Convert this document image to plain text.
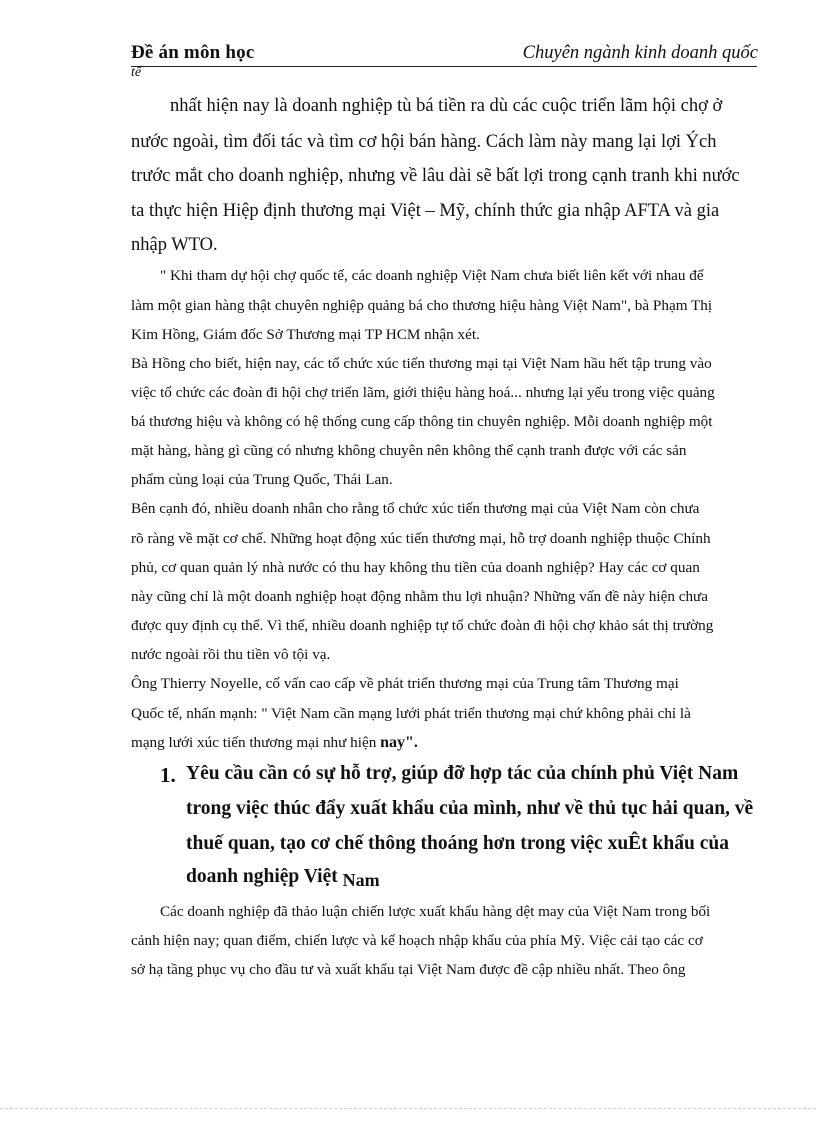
Đề án môn học	Chuyên ngành kinh doanh quốc
tế
nhất hiện nay là doanh nghiệp tù bá tiền ra dù các cuộc triển lãm hội chợ ở
nước ngoài, tìm đối tác và tìm cơ hội bán hàng. Cách làm này mang lại lợi Ých
trước mắt cho doanh nghiệp, nhưng về lâu dài sẽ bất lợi trong cạnh tranh khi nước
ta thực hiện Hiệp định thương mại Việt – Mỹ, chính thức gia nhập AFTA và gia
nhập WTO.
" Khi tham dự hội chợ quốc tế, các doanh nghiệp Việt Nam chưa biết liên kết với nhau để
làm một gian hàng thật chuyên nghiệp quảng bá cho thương hiệu hàng Việt Nam", bà Phạm Thị
Kim Hồng, Giám đốc Sở Thương mại TP HCM nhận xét.
Bà Hồng cho biết, hiện nay, các tổ chức xúc tiến thương mại tại Việt Nam hầu hết tập trung vào
việc tổ chức các đoàn đi hội chợ triển lãm, giới thiệu hàng hoá... nhưng lại yếu trong việc quảng
bá thương hiệu và không có hệ thống cung cấp thông tin chuyên nghiệp. Mỗi doanh nghiệp một
mặt hàng, hàng gì cũng có nhưng không chuyên nên không thể cạnh tranh được với các sản
phẩm cùng loại của Trung Quốc, Thái Lan.
Bên cạnh đó, nhiều doanh nhân cho rằng tổ chức xúc tiến thương mại của Việt Nam còn chưa
rõ ràng về mặt cơ chế. Những hoạt động xúc tiến thương mại, hỗ trợ doanh nghiệp thuộc Chính
phủ, cơ quan quản lý nhà nước có thu hay không thu tiền của doanh nghiệp? Hay các cơ quan
này cũng chỉ là một doanh nghiệp hoạt động nhằm thu lợi nhuận? Những vấn đề này hiện chưa
được quy định cụ thể. Vì thế, nhiều doanh nghiệp tự tổ chức đoàn đi hội chợ khảo sát thị trường
nước ngoài rồi thu tiền vô tội vạ.
Ông Thierry Noyelle, cố vấn cao cấp về phát triển thương mại của Trung tâm Thương mại
Quốc tế, nhấn mạnh: " Việt Nam cần mạng lưới phát triển thương mại chứ không phải chỉ là
mạng lưới xúc tiến thương mại như hiện nay".
1. Yêu cầu cần có sự hỗ trợ, giúp đỡ hợp tác của chính phủ Việt Nam
trong việc thúc đẩy xuất khẩu của mình, như về thủ tục hải quan, về
thuế quan, tạo cơ chế thông thoáng hơn trong việc xuÊt khẩu của
doanh nghiệp Việt Nam
Các doanh nghiệp đã thảo luận chiến lược xuất khẩu hàng dệt may của Việt Nam trong bối
cảnh hiện nay; quan điểm, chiến lược và kế hoạch nhập khẩu của phía Mỹ. Việc cải tạo các cơ
sở hạ tầng phục vụ cho đầu tư và xuất khẩu tại Việt Nam được đề cập nhiều nhất. Theo ông
